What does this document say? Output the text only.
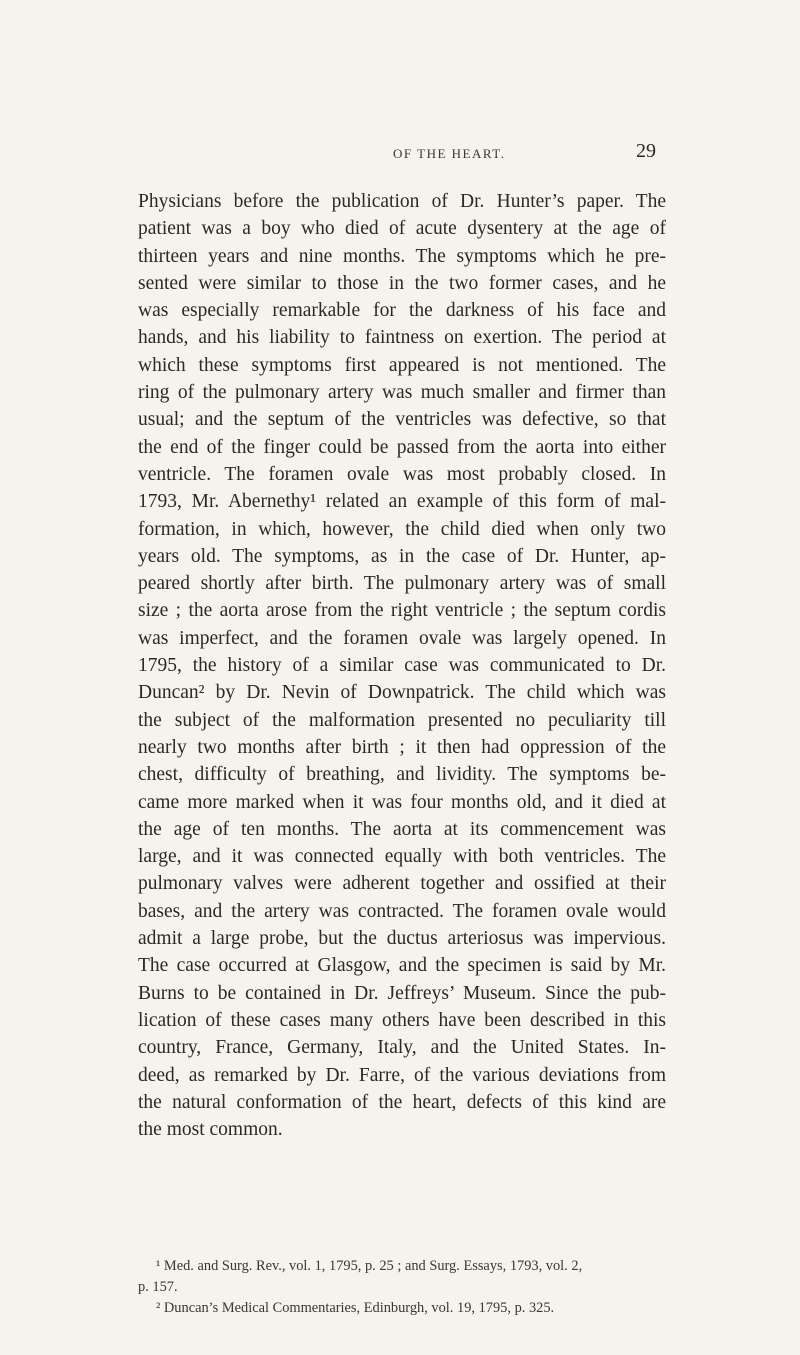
OF THE HEART.	29
Physicians before the publication of Dr. Hunter’s paper. The
patient was a boy who died of acute dysentery at the age of
thirteen years and nine months. The symptoms which he pre-
sented were similar to those in the two former cases, and he
was especially remarkable for the darkness of his face and
hands, and his liability to faintness on exertion. The period at
which these symptoms first appeared is not mentioned. The
ring of the pulmonary artery was much smaller and firmer than
usual; and the septum of the ventricles was defective, so that
the end of the finger could be passed from the aorta into either
ventricle. The foramen ovale was most probably closed. In
1793, Mr. Abernethy¹ related an example of this form of mal-
formation, in which, however, the child died when only two
years old. The symptoms, as in the case of Dr. Hunter, ap-
peared shortly after birth. The pulmonary artery was of small
size ; the aorta arose from the right ventricle ; the septum cordis
was imperfect, and the foramen ovale was largely opened. In
1795, the history of a similar case was communicated to Dr.
Duncan² by Dr. Nevin of Downpatrick. The child which was
the subject of the malformation presented no peculiarity till
nearly two months after birth ; it then had oppression of the
chest, difficulty of breathing, and lividity. The symptoms be-
came more marked when it was four months old, and it died at
the age of ten months. The aorta at its commencement was
large, and it was connected equally with both ventricles. The
pulmonary valves were adherent together and ossified at their
bases, and the artery was contracted. The foramen ovale would
admit a large probe, but the ductus arteriosus was impervious.
The case occurred at Glasgow, and the specimen is said by Mr.
Burns to be contained in Dr. Jeffreys’ Museum. Since the pub-
lication of these cases many others have been described in this
country, France, Germany, Italy, and the United States. In-
deed, as remarked by Dr. Farre, of the various deviations from
the natural conformation of the heart, defects of this kind are
the most common.
¹ Med. and Surg. Rev., vol. 1, 1795, p. 25 ; and Surg. Essays, 1793, vol. 2,
p. 157.
² Duncan’s Medical Commentaries, Edinburgh, vol. 19, 1795, p. 325.
